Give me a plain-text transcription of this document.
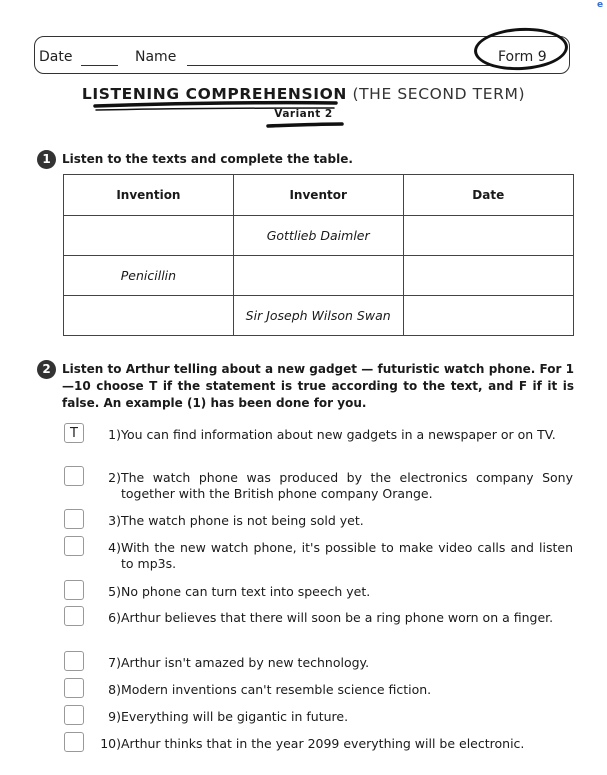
e
Date	Name	Form 9
LISTENING COMPREHENSION (THE SECOND TERM)
Variant 2
1 Listen to the texts and complete the table.
Invention	Inventor	Date
	Gottlieb Daimler	
Penicillin		
	Sir Joseph Wilson Swan	
2 Listen to Arthur telling about a new gadget — futuristic watch phone. For 1—10 choose T if the statement is true according to the text, and F if it is false. An example (1) has been done for you.
T	1) You can find information about new gadgets in a newspaper or on TV.
2) The watch phone was produced by the electronics company Sony together with the British phone company Orange.
3) The watch phone is not being sold yet.
4) With the new watch phone, it's possible to make video calls and listen to mp3s.
5) No phone can turn text into speech yet.
6) Arthur believes that there will soon be a ring phone worn on a finger.
7) Arthur isn't amazed by new technology.
8) Modern inventions can't resemble science fiction.
9) Everything will be gigantic in future.
10) Arthur thinks that in the year 2099 everything will be electronic.
